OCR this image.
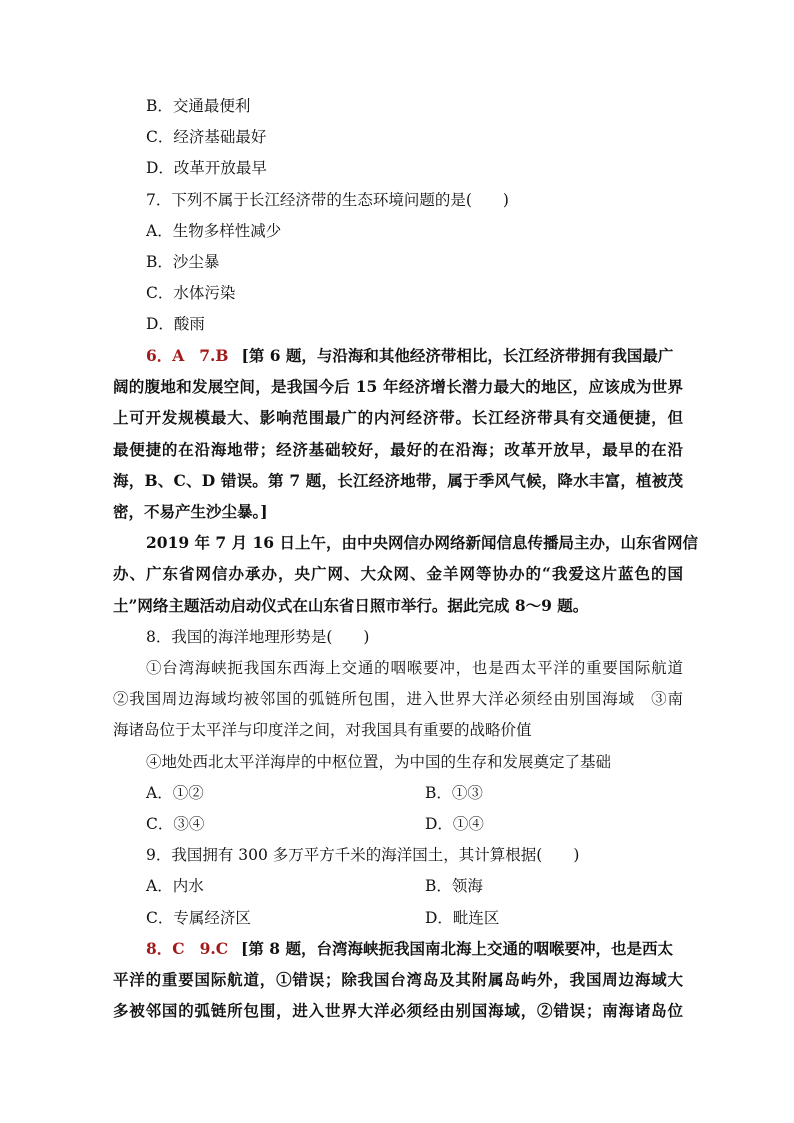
B．交通最便利
C．经济基础最好
D．改革开放最早
7．下列不属于长江经济带的生态环境问题的是(　　)
A．生物多样性减少
B．沙尘暴
C．水体污染
D．酸雨
6．A 7.B [第 6 题，与沿海和其他经济带相比，长江经济带拥有我国最广
阔的腹地和发展空间，是我国今后 15 年经济增长潜力最大的地区，应该成为世界
上可开发规模最大、影响范围最广的内河经济带。长江经济带具有交通便捷，但
最便捷的在沿海地带；经济基础较好，最好的在沿海；改革开放早，最早的在沿
海，B、C、D 错误。第 7 题，长江经济地带，属于季风气候，降水丰富，植被茂
密，不易产生沙尘暴。]
2019 年 7 月 16 日上午，由中央网信办网络新闻信息传播局主办，山东省网信
办、广东省网信办承办，央广网、大众网、金羊网等协办的“我爱这片蓝色的国
土”网络主题活动启动仪式在山东省日照市举行。据此完成 8～9 题。
8．我国的海洋地理形势是(　　)
①台湾海峡扼我国东西海上交通的咽喉要冲，也是西太平洋的重要国际航道
②我国周边海域均被邻国的弧链所包围，进入世界大洋必须经由别国海域　③南
海诸岛位于太平洋与印度洋之间，对我国具有重要的战略价值
④地处西北太平洋海岸的中枢位置，为中国的生存和发展奠定了基础
A．①②	B．①③
C．③④	D．①④
9．我国拥有 300 多万平方千米的海洋国土，其计算根据(　　)
A．内水	B．领海
C．专属经济区	D．毗连区
8．C 9.C [第 8 题，台湾海峡扼我国南北海上交通的咽喉要冲，也是西太
平洋的重要国际航道，①错误；除我国台湾岛及其附属岛屿外，我国周边海域大
多被邻国的弧链所包围，进入世界大洋必须经由别国海域，②错误；南海诸岛位
